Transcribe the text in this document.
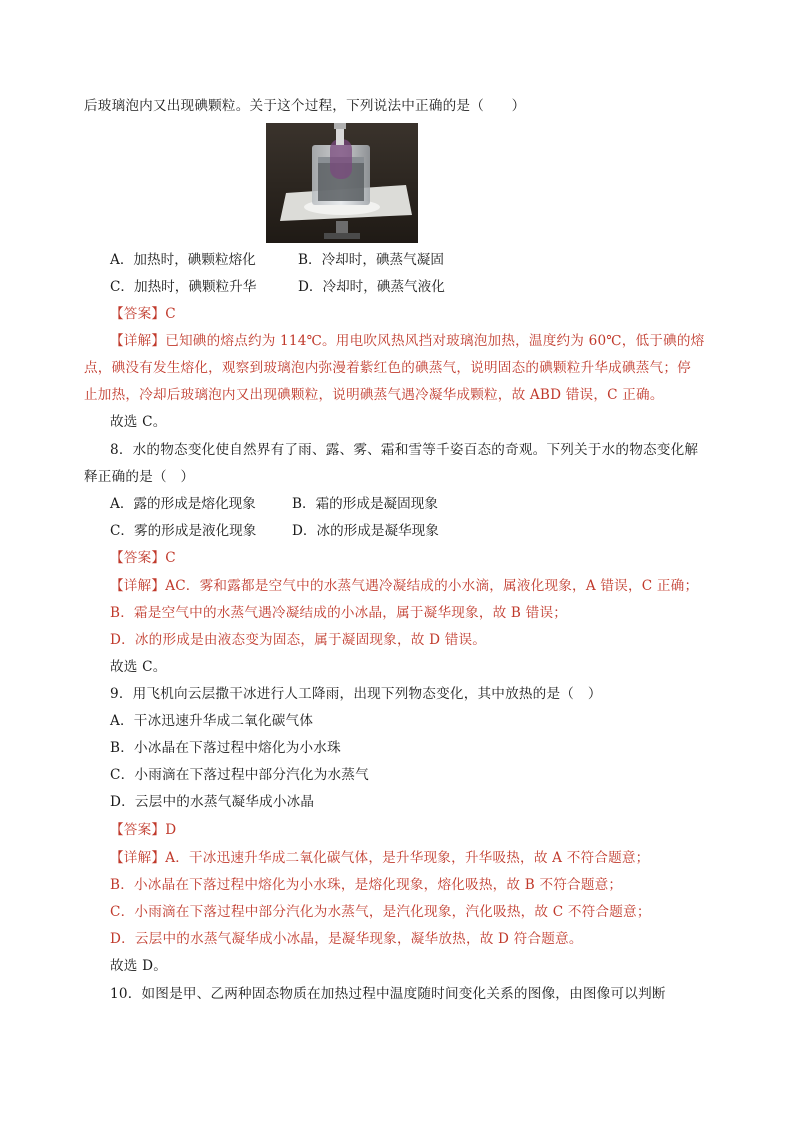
后玻璃泡内又出现碘颗粒。关于这个过程，下列说法中正确的是（　　）
A．加热时，碘颗粒熔化	B．冷却时，碘蒸气凝固
C．加热时，碘颗粒升华	D．冷却时，碘蒸气液化
【答案】C
【详解】已知碘的熔点约为 114℃。用电吹风热风挡对玻璃泡加热，温度约为 60℃，低于碘的熔
点，碘没有发生熔化，观察到玻璃泡内弥漫着紫红色的碘蒸气，说明固态的碘颗粒升华成碘蒸气；停
止加热，冷却后玻璃泡内又出现碘颗粒，说明碘蒸气遇冷凝华成颗粒，故 ABD 错误，C 正确。
故选 C。
8．水的物态变化使自然界有了雨、露、雾、霜和雪等千姿百态的奇观。下列关于水的物态变化解
释正确的是（　）
A．露的形成是熔化现象	B．霜的形成是凝固现象
C．雾的形成是液化现象	D．冰的形成是凝华现象
【答案】C
【详解】AC．雾和露都是空气中的水蒸气遇冷凝结成的小水滴，属液化现象，A 错误，C 正确；
B．霜是空气中的水蒸气遇冷凝结成的小冰晶，属于凝华现象，故 B 错误；
D．冰的形成是由液态变为固态，属于凝固现象，故 D 错误。
故选 C。
9．用飞机向云层撒干冰进行人工降雨，出现下列物态变化，其中放热的是（　）
A．干冰迅速升华成二氧化碳气体
B．小冰晶在下落过程中熔化为小水珠
C．小雨滴在下落过程中部分汽化为水蒸气
D．云层中的水蒸气凝华成小冰晶
【答案】D
【详解】A．干冰迅速升华成二氧化碳气体，是升华现象，升华吸热，故 A 不符合题意；
B．小冰晶在下落过程中熔化为小水珠，是熔化现象，熔化吸热，故 B 不符合题意；
C．小雨滴在下落过程中部分汽化为水蒸气，是汽化现象，汽化吸热，故 C 不符合题意；
D．云层中的水蒸气凝华成小冰晶，是凝华现象，凝华放热，故 D 符合题意。
故选 D。
10．如图是甲、乙两种固态物质在加热过程中温度随时间变化关系的图像，由图像可以判断
